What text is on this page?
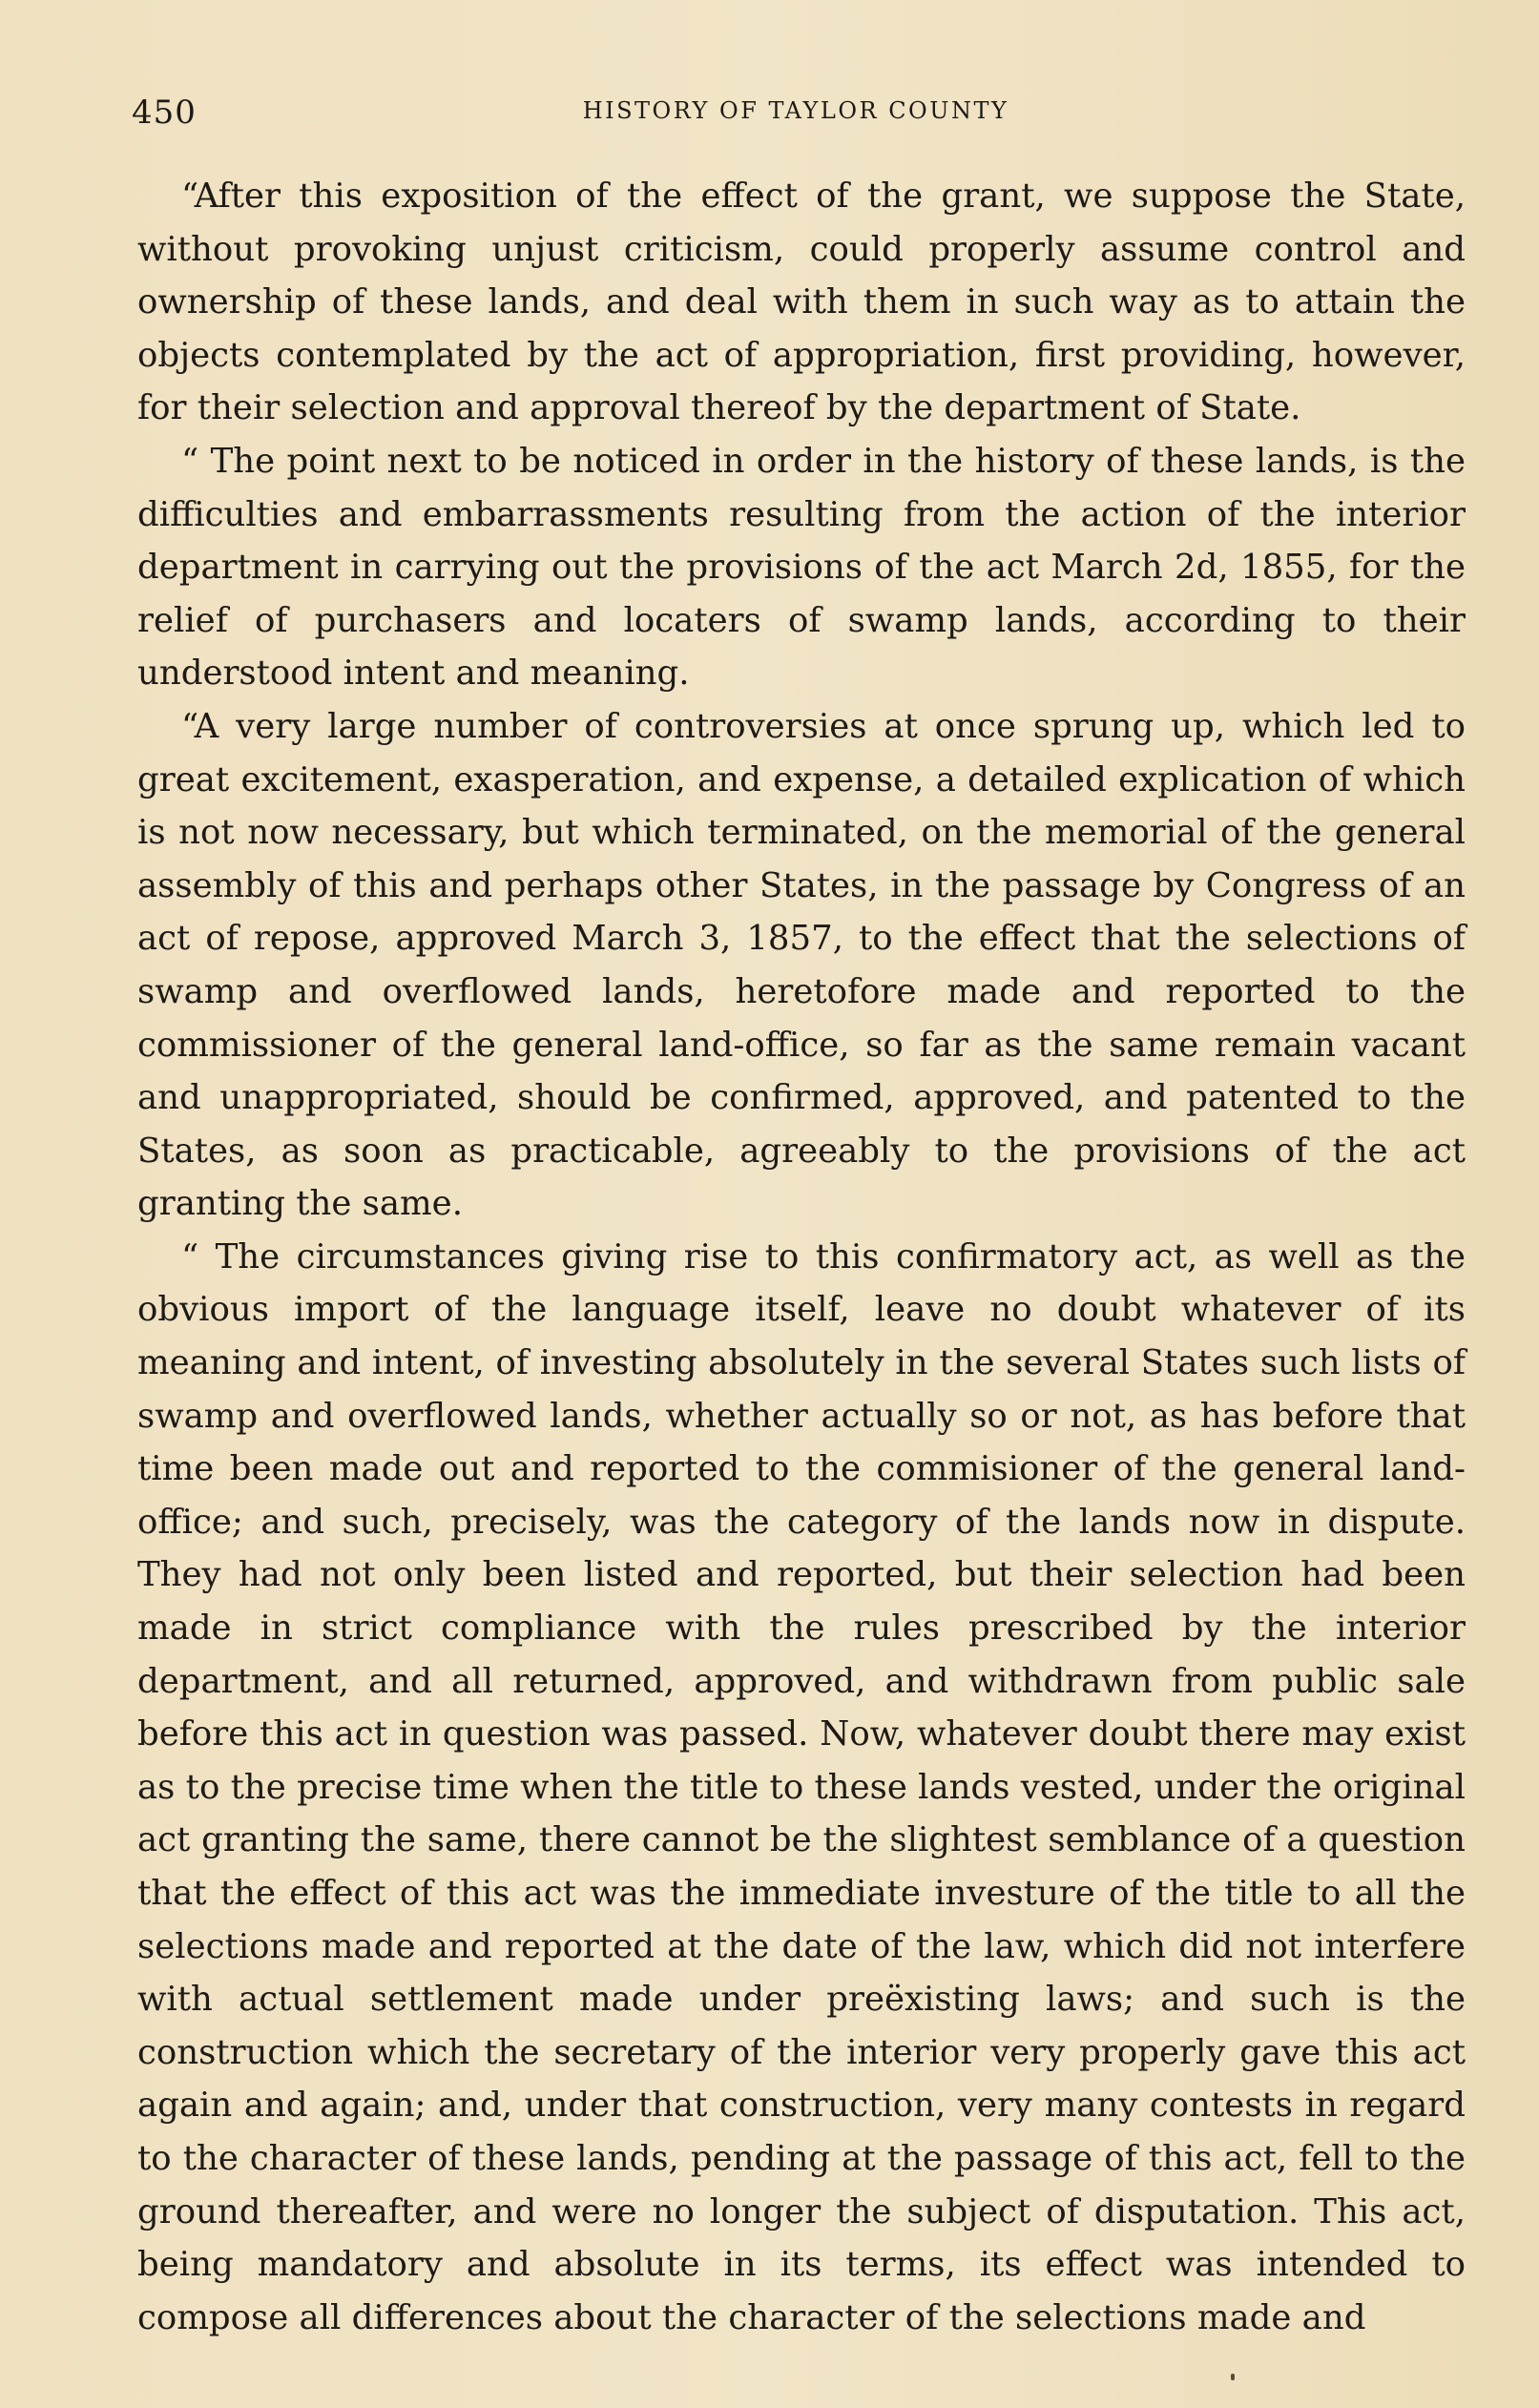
450	HISTORY OF TAYLOR COUNTY

“After this exposition of the effect of the grant, we suppose the State, without provoking unjust criticism, could properly assume control and ownership of these lands, and deal with them in such way as to attain the objects contemplated by the act of appropriation, first providing, however, for their selection and approval thereof by the department of State.

“ The point next to be noticed in order in the history of these lands, is the difficulties and embarrassments resulting from the action of the interior department in carrying out the provisions of the act March 2d, 1855, for the relief of purchasers and locaters of swamp lands, according to their understood intent and meaning.

“A very large number of controversies at once sprung up, which led to great excitement, exasperation, and expense, a detailed explication of which is not now necessary, but which terminated, on the memorial of the general assembly of this and perhaps other States, in the passage by Congress of an act of repose, approved March 3, 1857, to the effect that the selections of swamp and overflowed lands, heretofore made and reported to the commissioner of the general land-office, so far as the same remain vacant and unappropriated, should be confirmed, approved, and patented to the States, as soon as practicable, agreeably to the provisions of the act granting the same.

“ The circumstances giving rise to this confirmatory act, as well as the obvious import of the language itself, leave no doubt whatever of its meaning and intent, of investing absolutely in the several States such lists of swamp and overflowed lands, whether actually so or not, as has before that time been made out and reported to the commisioner of the general land-office; and such, precisely, was the category of the lands now in dispute. They had not only been listed and reported, but their selection had been made in strict compliance with the rules prescribed by the interior department, and all returned, approved, and withdrawn from public sale before this act in question was passed. Now, whatever doubt there may exist as to the precise time when the title to these lands vested, under the original act granting the same, there cannot be the slightest semblance of a question that the effect of this act was the immediate investure of the title to all the selections made and reported at the date of the law, which did not interfere with actual settlement made under preëxisting laws; and such is the construction which the secretary of the interior very properly gave this act again and again; and, under that construction, very many contests in regard to the character of these lands, pending at the passage of this act, fell to the ground thereafter, and were no longer the subject of disputation. This act, being mandatory and absolute in its terms, its effect was intended to compose all differences about the character of the selections made and
